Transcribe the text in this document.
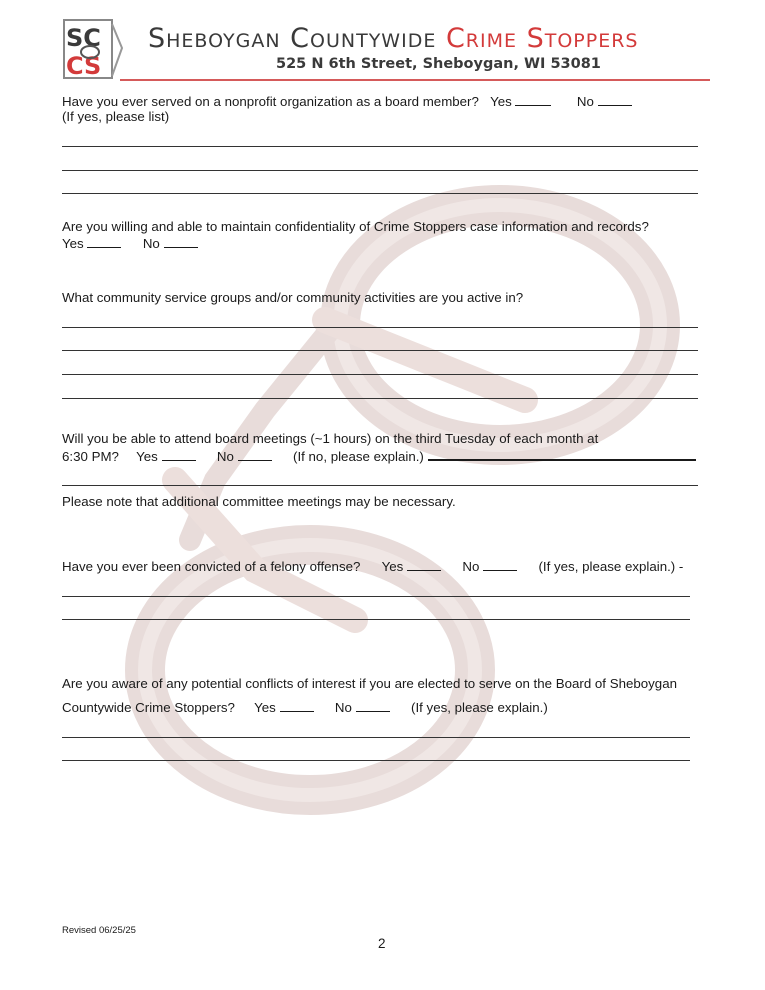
SC
CS
Sheboygan Countywide Crime Stoppers
525 N 6th Street, Sheboygan, WI 53081
Have you ever served on a nonprofit organization as a board member? Yes	No
(If yes, please list)
Are you willing and able to maintain confidentiality of Crime Stoppers case information and records?
Yes	No
What community service groups and/or community activities are you active in?
Will you be able to attend board meetings (~1 hours) on the third Tuesday of each month at
6:30 PM? Yes	No	(If no, please explain.)
Please note that additional committee meetings may be necessary.
Have you ever been convicted of a felony offense? Yes	No	(If yes, please explain.) -
Are you aware of any potential conflicts of interest if you are elected to serve on the Board of Sheboygan
Countywide Crime Stoppers? Yes	No	(If yes, please explain.)
Revised 06/25/25
2
